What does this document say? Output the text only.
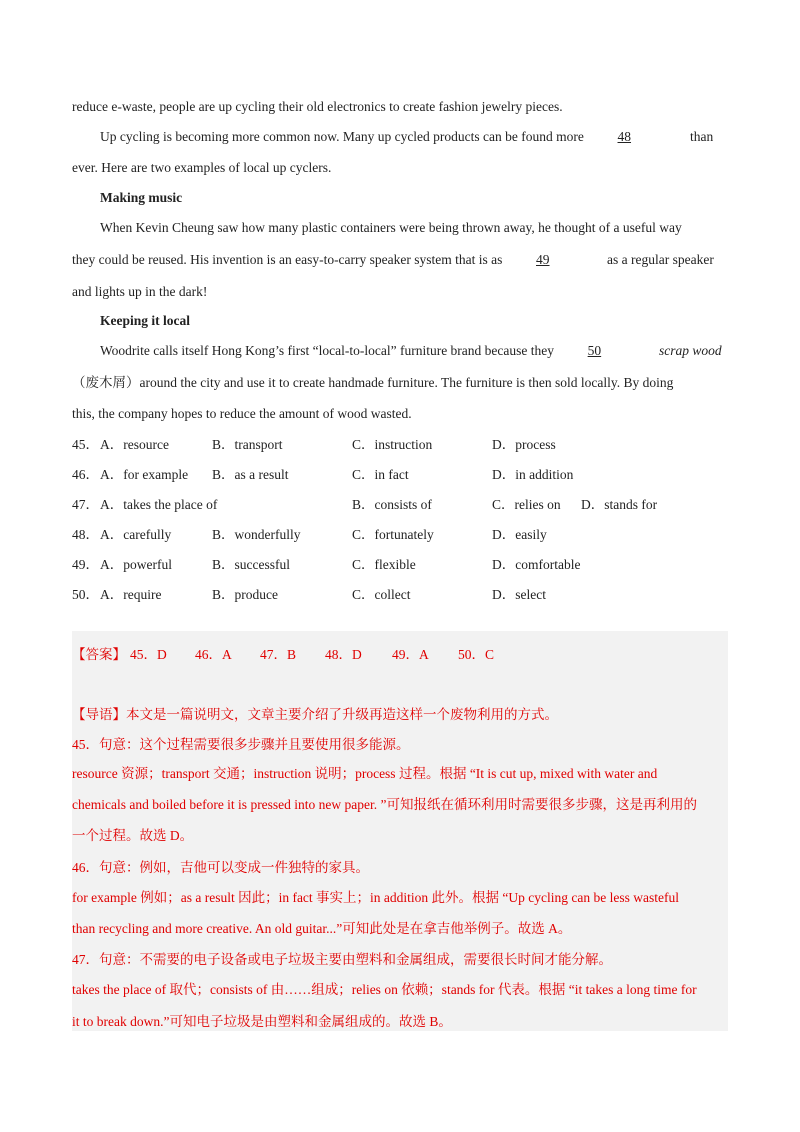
reduce e-waste, people are up cycling their old electronics to create fashion jewelry pieces.
Up cycling is becoming more common now. Many up cycled products can be found more 48	than
ever. Here are two examples of local up cyclers.
Making music
When Kevin Cheung saw how many plastic containers were being thrown away, he thought of a useful way
they could be reused. His invention is an easy-to-carry speaker system that is as 49	as a regular speaker
and lights up in the dark!
Keeping it local
Woodrite calls itself Hong Kong’s first “local-to-local” furniture brand because they 50	scrap wood
（废木屑）around the city and use it to create handmade furniture. The furniture is then sold locally. By doing
this, the company hopes to reduce the amount of wood wasted.
45． A．resource	B．transport	C．instruction	D．process
46． A．for example B．as a result	C．in fact	D．in addition
47． A．takes the place of	B．consists of	C．relies on D．stands for
48． A．carefully	B．wonderfully	C．fortunately	D．easily
49． A．powerful	B．successful	C．flexible	D．comfortable
50． A．require	B．produce	C．collect	D．select
【答案】 45．D 46．A 47．B 48．D 49．A 50．C
【导语】本文是一篇说明文，文章主要介绍了升级再造这样一个废物利用的方式。
45．句意：这个过程需要很多步骤并且要使用很多能源。
resource 资源；transport 交通；instruction 说明；process 过程。根据 “It is cut up, mixed with water and
chemicals and boiled before it is pressed into new paper. ”可知报纸在循环利用时需要很多步骤，这是再利用的
一个过程。故选 D。
46．句意：例如，吉他可以变成一件独特的家具。
for example 例如；as a result 因此；in fact 事实上；in addition 此外。根据 “Up cycling can be less wasteful
than recycling and more creative. An old guitar...”可知此处是在拿吉他举例子。故选 A。
47．句意：不需要的电子设备或电子垃圾主要由塑料和金属组成，需要很长时间才能分解。
takes the place of 取代；consists of 由……组成；relies on 依赖；stands for 代表。根据 “it takes a long time for
it to break down.”可知电子垃圾是由塑料和金属组成的。故选 B。
